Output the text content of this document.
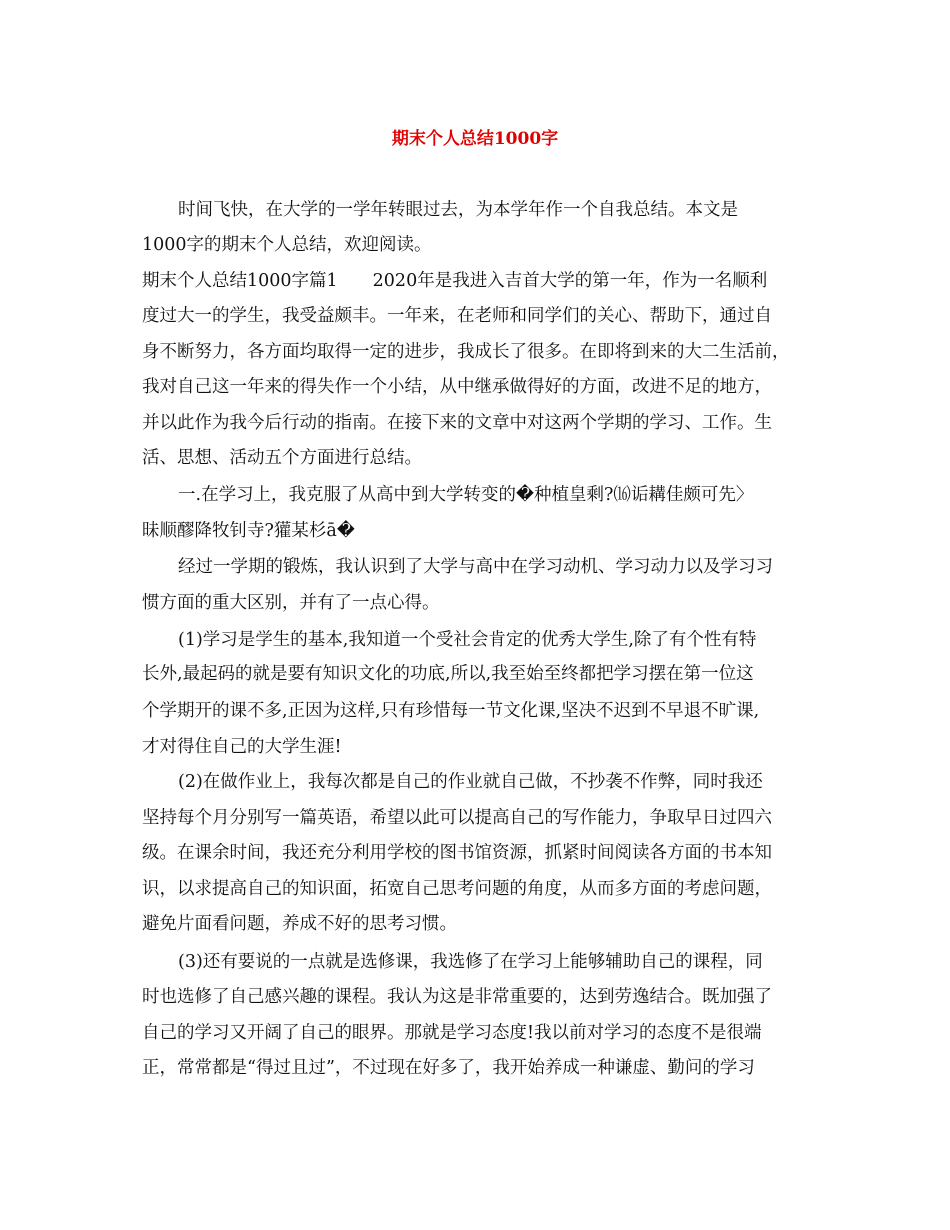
期末个人总结1000字
时间飞快，在大学的一学年转眼过去，为本学年作一个自我总结。本文是
1000字的期末个人总结，欢迎阅读。
期末个人总结1000字篇1　　2020年是我进入吉首大学的第一年，作为一名顺利
度过大一的学生，我受益颇丰。一年来，在老师和同学们的关心、帮助下，通过自
身不断努力，各方面均取得一定的进步，我成长了很多。在即将到来的大二生活前，
我对自己这一年来的得失作一个小结，从中继承做得好的方面，改进不足的地方，
并以此作为我今后行动的指南。在接下来的文章中对这两个学期的学习、工作。生
活、思想、活动五个方面进行总结。
一.在学习上，我克服了从高中到大学转变的�种植皇剩?⒃诟耩佳颇可先〉
昧顺醪降牧钊寺?獾某杉ā�
经过一学期的锻炼，我认识到了大学与高中在学习动机、学习动力以及学习习
惯方面的重大区别，并有了一点心得。
(1)学习是学生的基本,我知道一个受社会肯定的优秀大学生,除了有个性有特
长外,最起码的就是要有知识文化的功底,所以,我至始至终都把学习摆在第一位这
个学期开的课不多,正因为这样,只有珍惜每一节文化课,坚决不迟到不早退不旷课,
才对得住自己的大学生涯!
(2)在做作业上，我每次都是自己的作业就自己做，不抄袭不作弊，同时我还
坚持每个月分别写一篇英语，希望以此可以提高自己的写作能力，争取早日过四六
级。在课余时间，我还充分利用学校的图书馆资源，抓紧时间阅读各方面的书本知
识，以求提高自己的知识面，拓宽自己思考问题的角度，从而多方面的考虑问题，
避免片面看问题，养成不好的思考习惯。
(3)还有要说的一点就是选修课，我选修了在学习上能够辅助自己的课程，同
时也选修了自己感兴趣的课程。我认为这是非常重要的，达到劳逸结合。既加强了
自己的学习又开阔了自己的眼界。那就是学习态度!我以前对学习的态度不是很端
正，常常都是“得过且过”，不过现在好多了，我开始养成一种谦虚、勤问的学习
